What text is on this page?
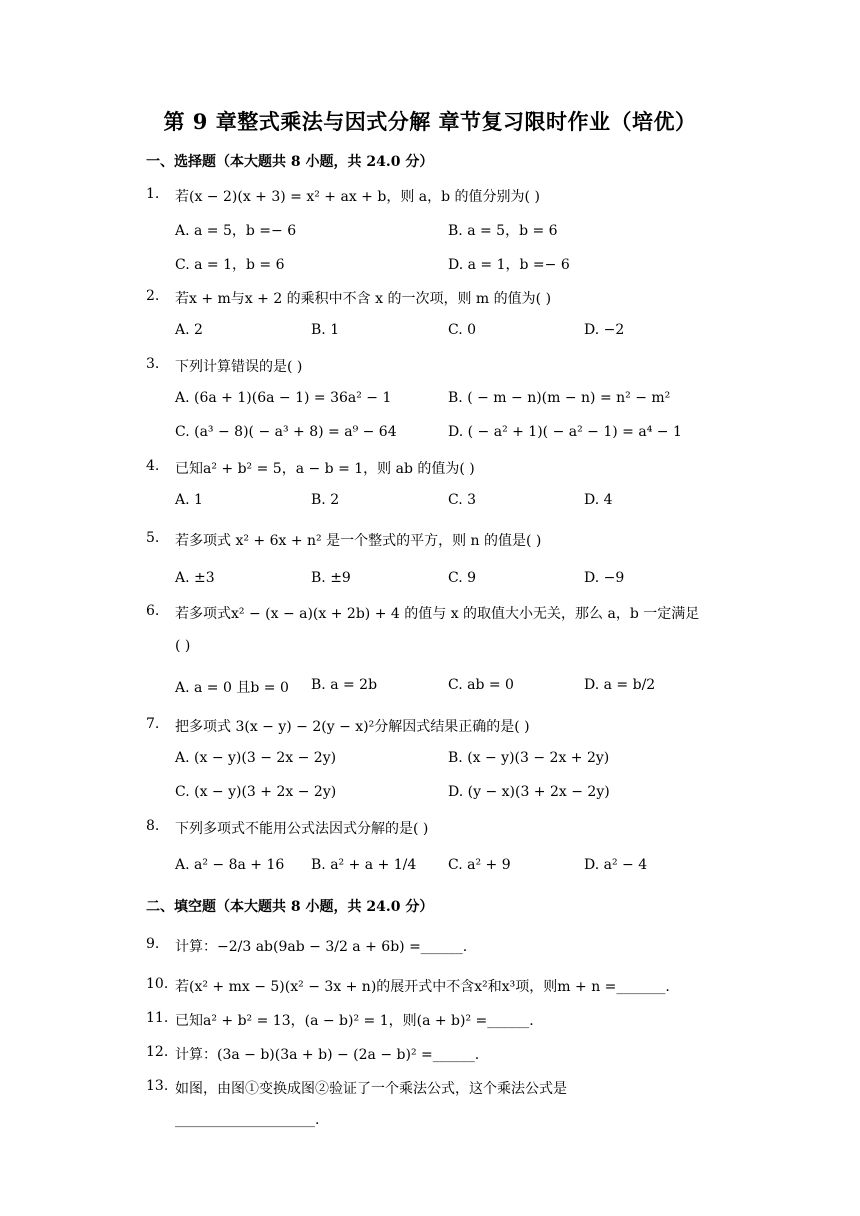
第 9 章整式乘法与因式分解 章节复习限时作业（培优）
一、选择题（本大题共 8 小题，共 24.0 分）
1. 若(x − 2)(x + 3) = x² + ax + b，则 a，b 的值分别为( )
A. a = 5，b =− 6	B. a = 5，b = 6
C. a = 1，b = 6	D. a = 1，b =− 6
2. 若x + m与x + 2 的乘积中不含 x 的一次项，则 m 的值为( )
A. 2	B. 1	C. 0	D. −2
3. 下列计算错误的是( )
A. (6a + 1)(6a − 1) = 36a² − 1	B. ( − m − n)(m − n) = n² − m²
C. (a³ − 8)( − a³ + 8) = a⁹ − 64	D. ( − a² + 1)( − a² − 1) = a⁴ − 1
4. 已知a² + b² = 5，a − b = 1，则 ab 的值为( )
A. 1	B. 2	C. 3	D. 4
5. 若多项式 x² + 6x + n² 是一个整式的平方，则 n 的值是( )
A. ±3	B. ±9	C. 9	D. −9
6. 若多项式x² − (x − a)(x + 2b) + 4 的值与 x 的取值大小无关，那么 a，b 一定满足
( )
A. a = 0 且b = 0 B. a = 2b	C. ab = 0	D. a = b/2
7. 把多项式 3(x − y) − 2(y − x)²分解因式结果正确的是( )
A. (x − y)(3 − 2x − 2y)	B. (x − y)(3 − 2x + 2y)
C. (x − y)(3 + 2x − 2y)	D. (y − x)(3 + 2x − 2y)
8. 下列多项式不能用公式法因式分解的是( )
A. a² − 8a + 16 B. a² + a + 1/4 C. a² + 9	D. a² − 4
二、填空题（本大题共 8 小题，共 24.0 分）
9. 计算：−2/3 ab(9ab − 3/2 a + 6b) =______.
10. 若(x² + mx − 5)(x² − 3x + n)的展开式中不含x²和x³项，则m + n =_______.
11. 已知a² + b² = 13，(a − b)² = 1，则(a + b)² =______.
12. 计算：(3a − b)(3a + b) − (2a − b)² =______.
13. 如图，由图①变换成图②验证了一个乘法公式，这个乘法公式是
____________________.
